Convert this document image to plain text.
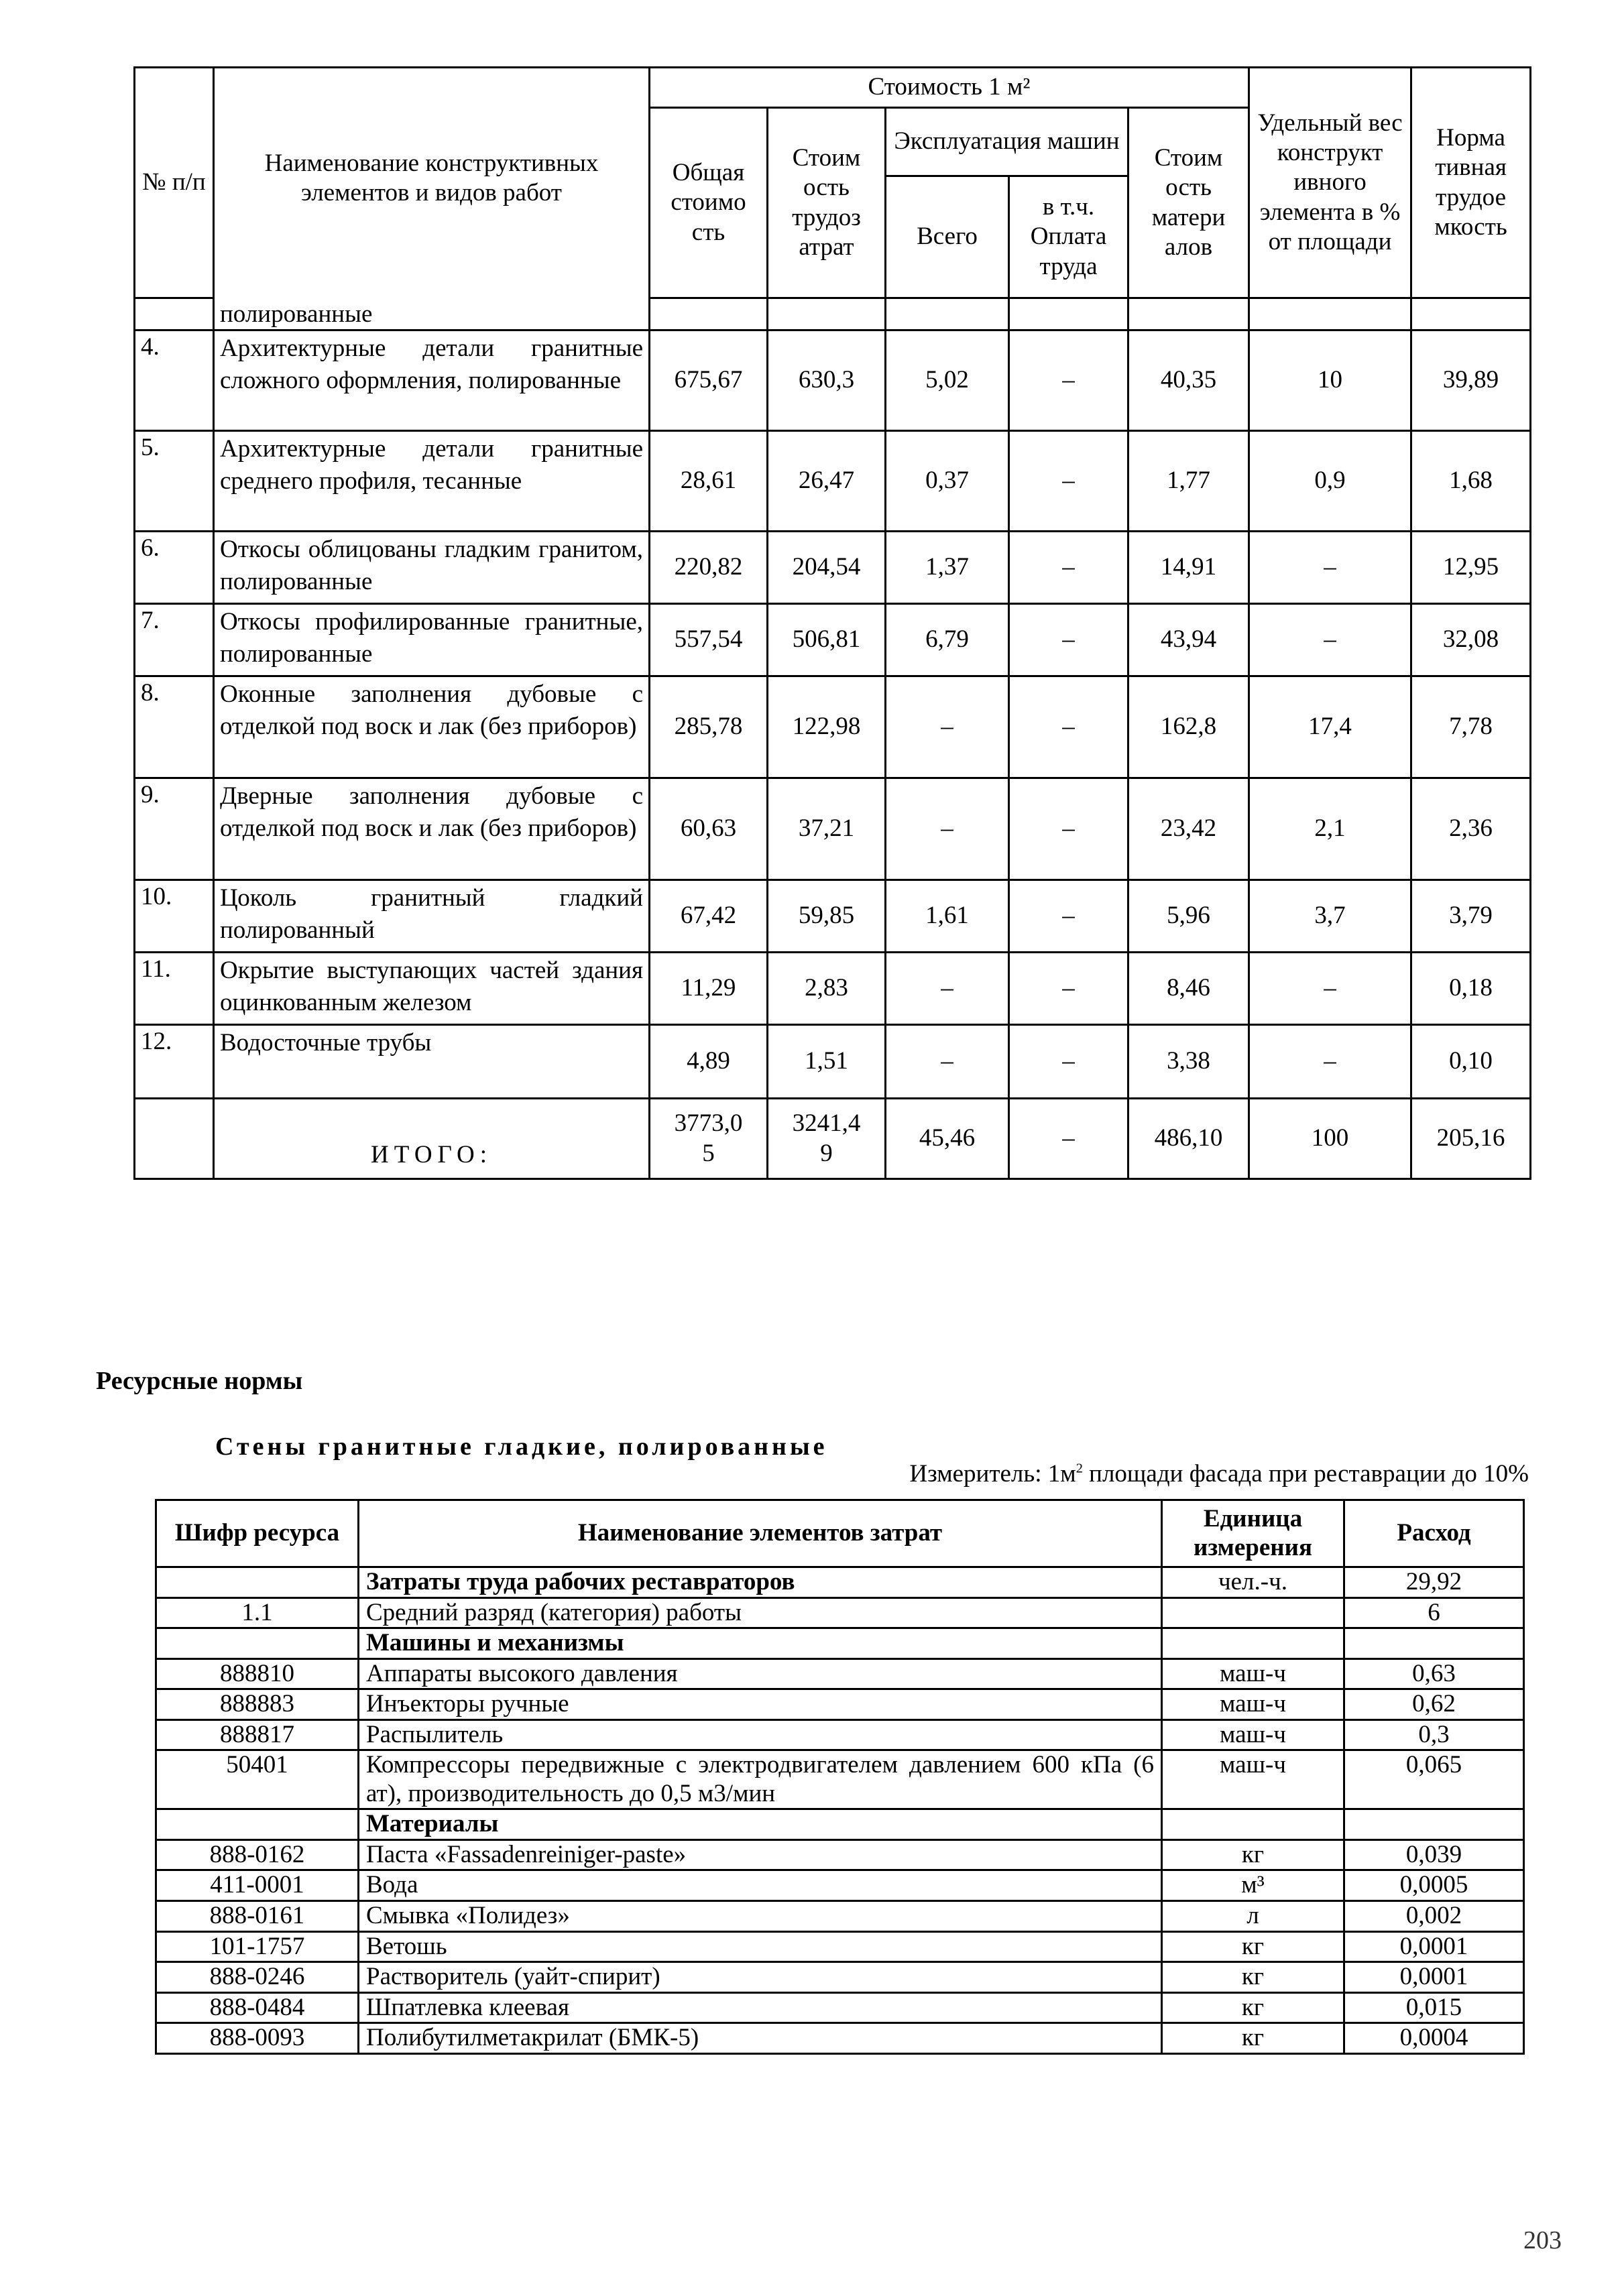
№ п/п	Наименование конструктивных элементов и видов работ	Стоимость 1 м²					Удельный вес конструкт ивного элемента в % от площади	Норма тивная трудое мкость
		Общая стоимо сть	Стоим ость трудоз атрат	Эксплуатация машин		Стоим ость матери алов		
				Всего	в т.ч. Оплата труда			
	полированные							
4.	Архитектурные детали гранитные сложного оформления, полированные	675,67	630,3	5,02	–	40,35	10	39,89
5.	Архитектурные детали гранитные среднего профиля, тесанные	28,61	26,47	0,37	–	1,77	0,9	1,68
6.	Откосы облицованы гладким гранитом, полированные	220,82	204,54	1,37	–	14,91	–	12,95
7.	Откосы профилированные гранитные, полированные	557,54	506,81	6,79	–	43,94	–	32,08
8.	Оконные заполнения дубовые с отделкой под воск и лак (без приборов)	285,78	122,98	–	–	162,8	17,4	7,78
9.	Дверные заполнения дубовые с отделкой под воск и лак (без приборов)	60,63	37,21	–	–	23,42	2,1	2,36
10.	Цоколь гранитный гладкий полированный	67,42	59,85	1,61	–	5,96	3,7	3,79
11.	Окрытие выступающих частей здания оцинкованным железом	11,29	2,83	–	–	8,46	–	0,18
12.	Водосточные трубы	4,89	1,51	–	–	3,38	–	0,10
	ИТОГО:	3773,05	3241,49	45,46	–	486,10	100	205,16
Ресурсные нормы
Стены гранитные гладкие, полированные
Измеритель: $1м^2$ площади фасада при реставрации до 10%
Шифр ресурса	Наименование элементов затрат	Единица измерения	Расход
	Затраты труда рабочих реставраторов	чел.-ч.	29,92
1.1	Средний разряд (категория) работы		6
	Машины и механизмы		
888810	Аппараты высокого давления	маш-ч	0,63
888883	Инъекторы ручные	маш-ч	0,62
888817	Распылитель	маш-ч	0,3
50401	Компрессоры передвижные с электродвигателем давлением 600 кПа (6 ат), производительность до 0,5 м3/мин	маш-ч	0,065
	Материалы		
888-0162	Паста «Fassadenreiniger-paste»	кг	0,039
411-0001	Вода	м³	0,0005
888-0161	Смывка «Полидез»	л	0,002
101-1757	Ветошь	кг	0,0001
888-0246	Растворитель (уайт-спирит)	кг	0,0001
888-0484	Шпатлевка клеевая	кг	0,015
888-0093	Полибутилметакрилат (БМК-5)	кг	0,0004
203
